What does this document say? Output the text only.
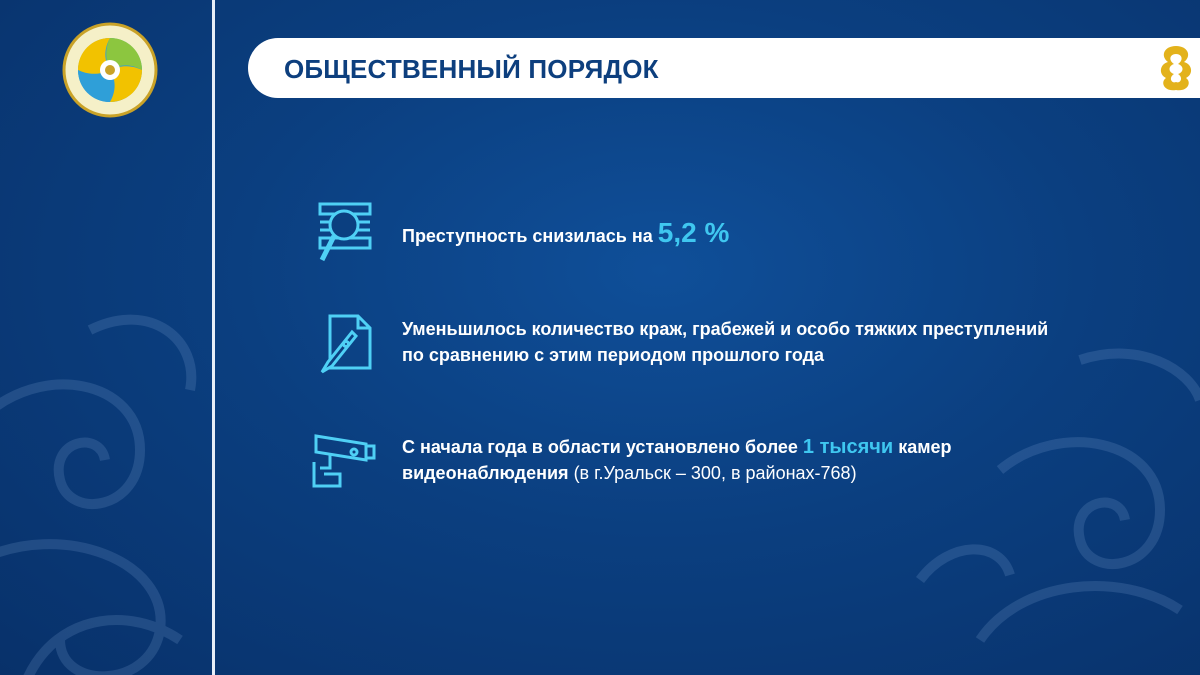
ОБЩЕСТВЕННЫЙ ПОРЯДОК
Преступность снизилась на 5,2 %
Уменьшилось количество краж, грабежей и особо тяжких преступлений
по сравнению с этим периодом прошлого года
С начала года в области установлено более 1 тысячи камер
видеонаблюдения (в г.Уральск – 300, в районах-768)
